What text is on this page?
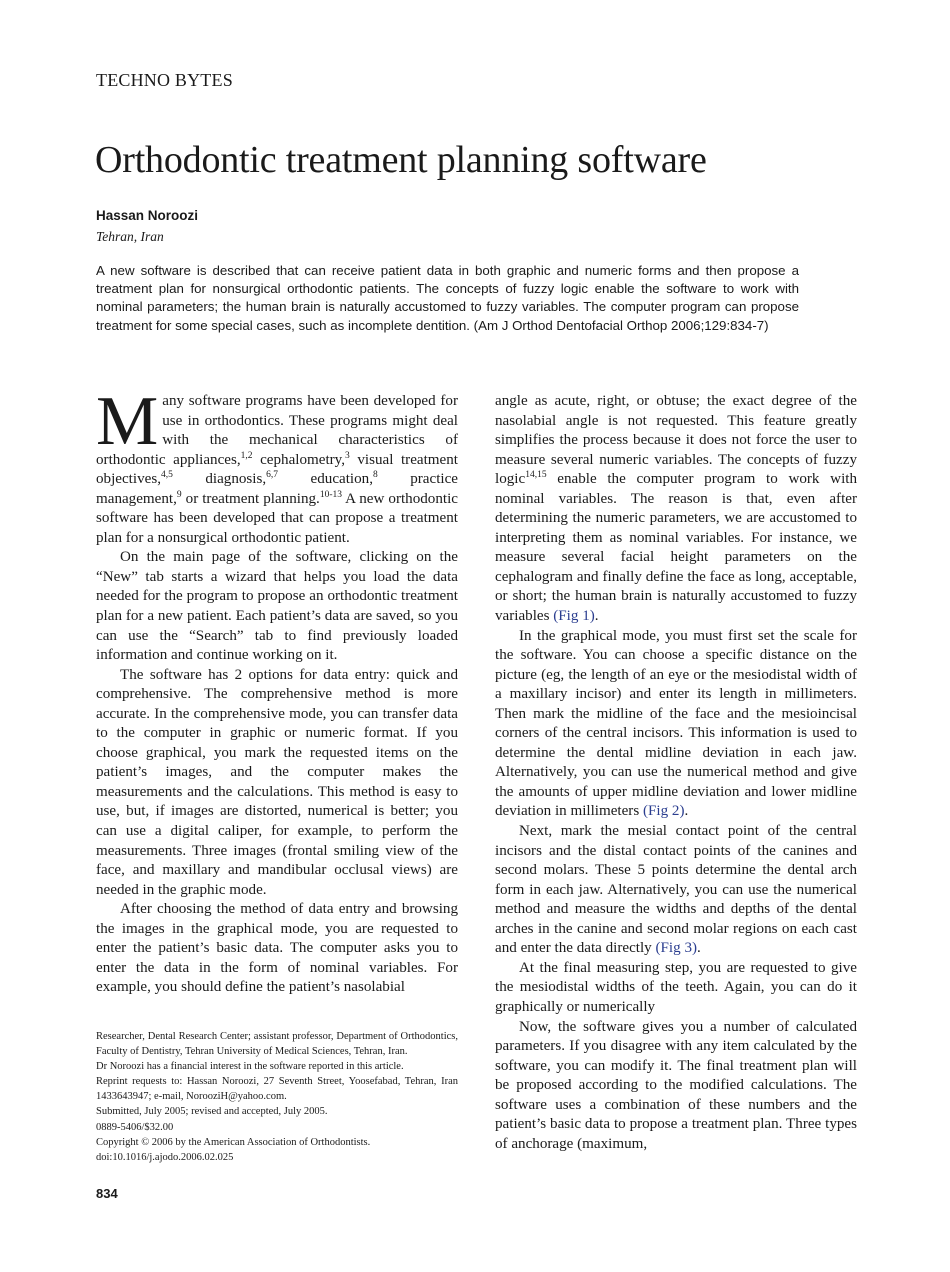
TECHNO BYTES
Orthodontic treatment planning software
Hassan Noroozi
Tehran, Iran

A new software is described that can receive patient data in both graphic and numeric forms and then propose a treatment plan for nonsurgical orthodontic patients. The concepts of fuzzy logic enable the software to work with nominal parameters; the human brain is naturally accustomed to fuzzy variables. The computer program can propose treatment for some special cases, such as incomplete dentition. (Am J Orthod Dentofacial Orthop 2006;129:834-7)

Many software programs have been developed for use in orthodontics. These programs might deal with the mechanical characteristics of orthodontic appliances,$^{1,2}$ cephalometry,$^3$ visual treatment objectives,$^{4,5}$ diagnosis,$^{6,7}$ education,$^8$ practice management,$^9$ or treatment planning.$^{10-13}$ A new orthodontic software has been developed that can propose a treatment plan for a nonsurgical orthodontic patient.

On the main page of the software, clicking on the “New” tab starts a wizard that helps you load the data needed for the program to propose an orthodontic treatment plan for a new patient. Each patient’s data are saved, so you can use the “Search” tab to find previously loaded information and continue working on it.

The software has 2 options for data entry: quick and comprehensive. The comprehensive method is more accurate. In the comprehensive mode, you can transfer data to the computer in graphic or numeric format. If you choose graphical, you mark the requested items on the patient’s images, and the computer makes the measurements and the calculations. This method is easy to use, but, if images are distorted, numerical is better; you can use a digital caliper, for example, to perform the measurements. Three images (frontal smiling view of the face, and maxillary and mandibular occlusal views) are needed in the graphic mode.

After choosing the method of data entry and browsing the images in the graphical mode, you are requested to enter the patient’s basic data. The computer asks you to enter the data in the form of nominal variables. For example, you should define the patient’s nasolabial

angle as acute, right, or obtuse; the exact degree of the nasolabial angle is not requested. This feature greatly simplifies the process because it does not force the user to measure several numeric variables. The concepts of fuzzy logic$^{14,15}$ enable the computer program to work with nominal variables. The reason is that, even after determining the numeric parameters, we are accustomed to interpreting them as nominal variables. For instance, we measure several facial height parameters on the cephalogram and finally define the face as long, acceptable, or short; the human brain is naturally accustomed to fuzzy variables (Fig 1).

In the graphical mode, you must first set the scale for the software. You can choose a specific distance on the picture (eg, the length of an eye or the mesiodistal width of a maxillary incisor) and enter its length in millimeters. Then mark the midline of the face and the mesioincisal corners of the central incisors. This information is used to determine the dental midline deviation in each jaw. Alternatively, you can use the numerical method and give the amounts of upper midline deviation and lower midline deviation in millimeters (Fig 2).

Next, mark the mesial contact point of the central incisors and the distal contact points of the canines and second molars. These 5 points determine the dental arch form in each jaw. Alternatively, you can use the numerical method and measure the widths and depths of the dental arches in the canine and second molar regions on each cast and enter the data directly (Fig 3).

At the final measuring step, you are requested to give the mesiodistal widths of the teeth. Again, you can do it graphically or numerically

Now, the software gives you a number of calculated parameters. If you disagree with any item calculated by the software, you can modify it. The final treatment plan will be proposed according to the modified calculations. The software uses a combination of these numbers and the patient’s basic data to propose a treatment plan. Three types of anchorage (maximum,

Researcher, Dental Research Center; assistant professor, Department of Orthodontics, Faculty of Dentistry, Tehran University of Medical Sciences, Tehran, Iran.

Dr Noroozi has a financial interest in the software reported in this article.

Reprint requests to: Hassan Noroozi, 27 Seventh Street, Yoosefabad, Tehran, Iran 1433643947; e-mail, NorooziH@yahoo.com.

Submitted, July 2005; revised and accepted, July 2005.

0889-5406/$32.00

Copyright © 2006 by the American Association of Orthodontists.

doi:10.1016/j.ajodo.2006.02.025

834
